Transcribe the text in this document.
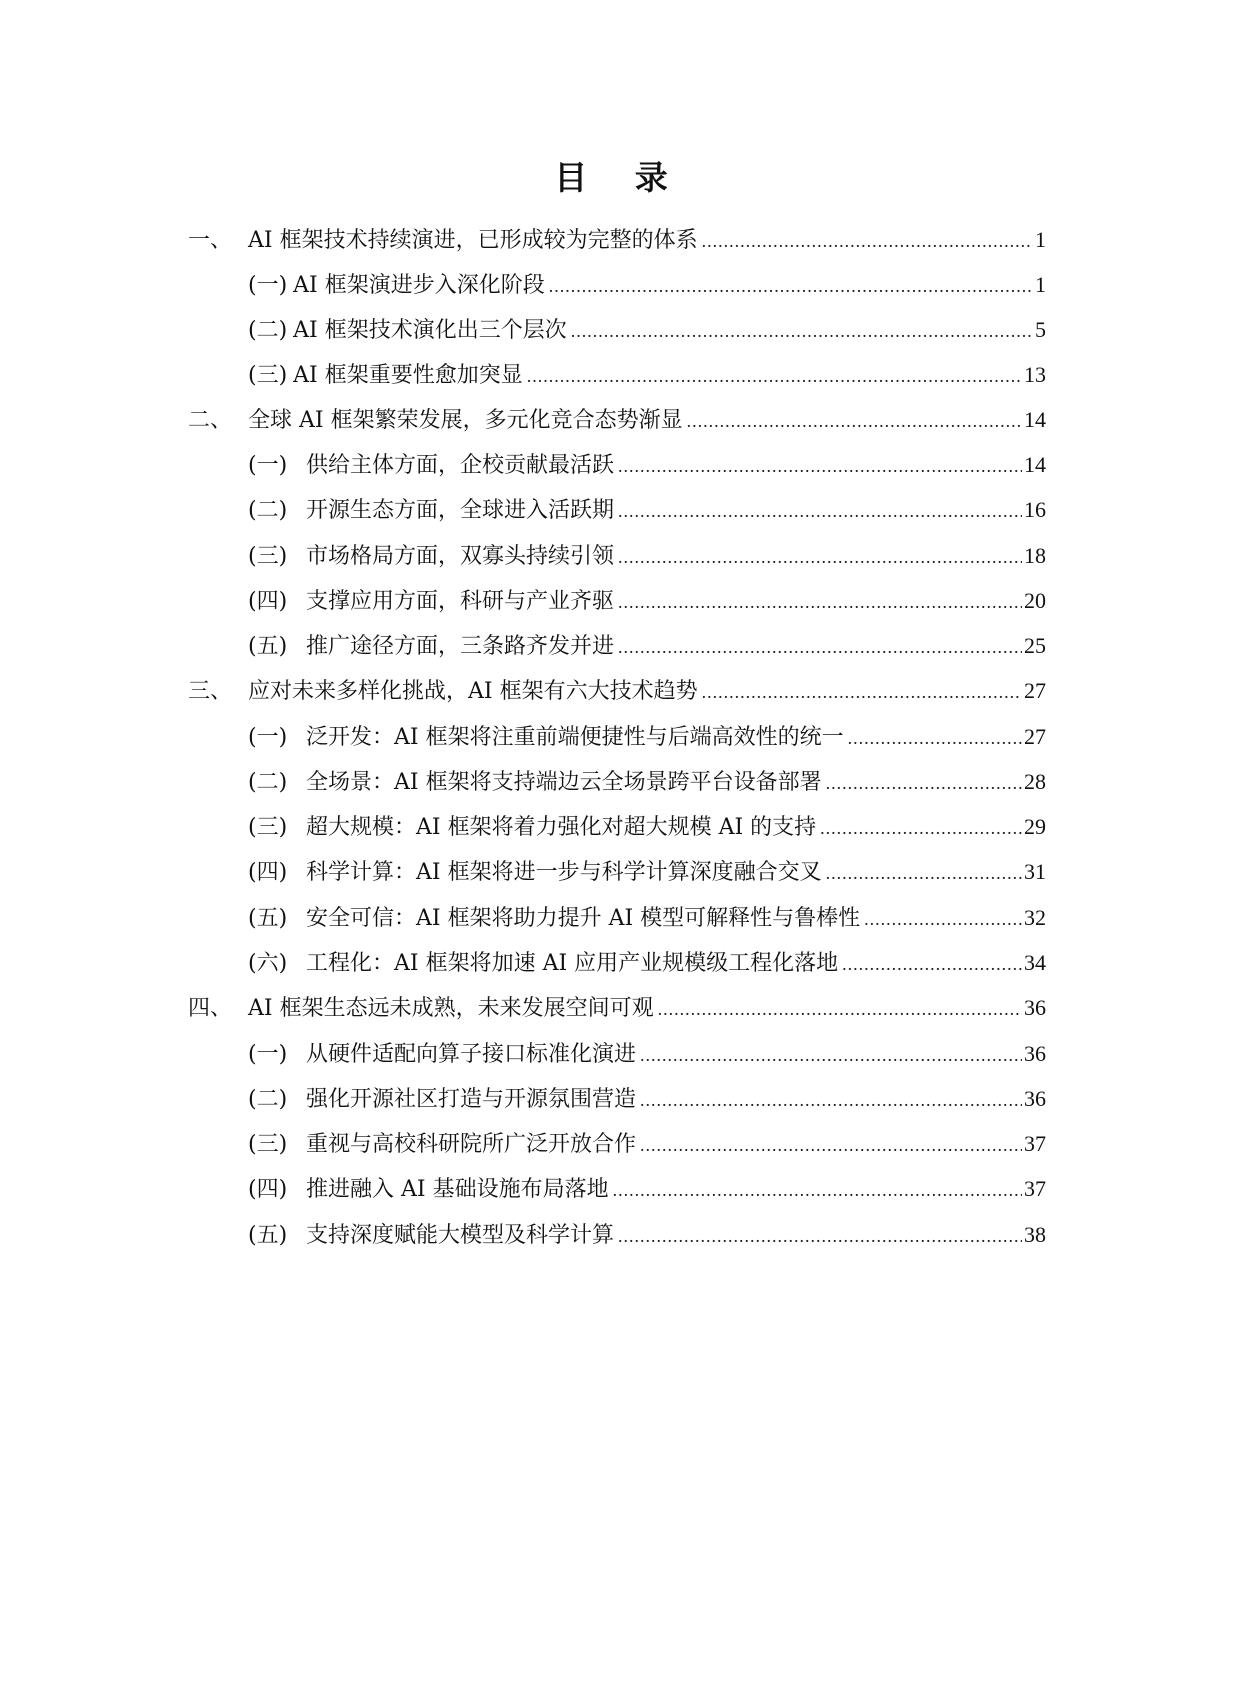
目 录
一、 AI 框架技术持续演进，已形成较为完整的体系 .....	1
(一) AI 框架演进步入深化阶段 .....	1
(二) AI 框架技术演化出三个层次 .....	5
(三) AI 框架重要性愈加突显 .....	13
二、 全球 AI 框架繁荣发展，多元化竞合态势渐显 .....	14
(一) 供给主体方面，企校贡献最活跃 .....	14
(二) 开源生态方面，全球进入活跃期 .....	16
(三) 市场格局方面，双寡头持续引领 .....	18
(四) 支撑应用方面，科研与产业齐驱 .....	20
(五) 推广途径方面，三条路齐发并进 .....	25
三、 应对未来多样化挑战，AI 框架有六大技术趋势 .....	27
(一) 泛开发：AI 框架将注重前端便捷性与后端高效性的统一 .....	27
(二) 全场景：AI 框架将支持端边云全场景跨平台设备部署 .....	28
(三) 超大规模：AI 框架将着力强化对超大规模 AI 的支持 .....	29
(四) 科学计算：AI 框架将进一步与科学计算深度融合交叉 .....	31
(五) 安全可信：AI 框架将助力提升 AI 模型可解释性与鲁棒性 .....	32
(六) 工程化：AI 框架将加速 AI 应用产业规模级工程化落地 .....	34
四、 AI 框架生态远未成熟，未来发展空间可观 .....	36
(一) 从硬件适配向算子接口标准化演进 .....	36
(二) 强化开源社区打造与开源氛围营造 .....	36
(三) 重视与高校科研院所广泛开放合作 .....	37
(四) 推进融入 AI 基础设施布局落地 .....	37
(五) 支持深度赋能大模型及科学计算 .....	38
